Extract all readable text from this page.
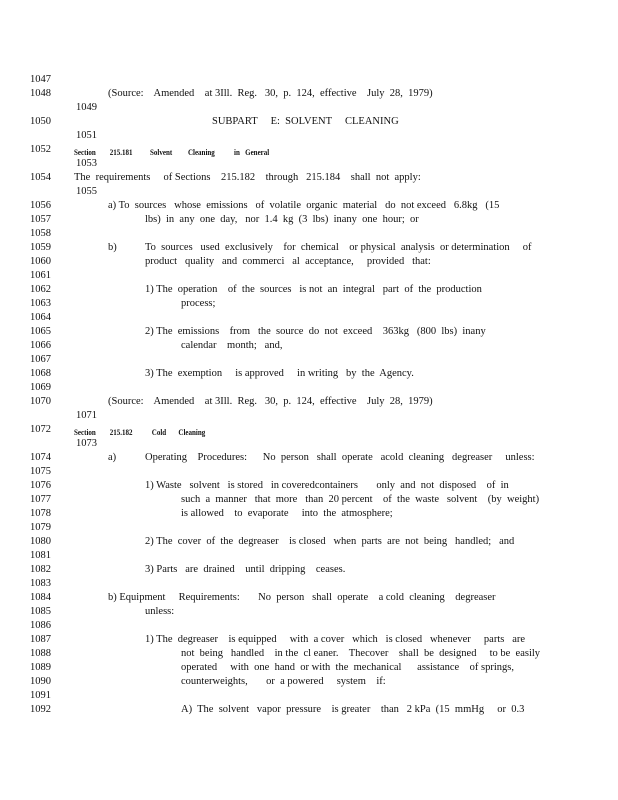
1047
1048
1050
1052
1054
1056
1057
1058
1059
1060
1061
1062
1063
1064
1065
1066
1067
1068
1069
1070
1072
1074
1075
1076
1077
1078
1079
1080
1081
1082
1083
1084
1085
1086
1087
1088
1089
1090
1091
1092
1049
1051
1053
1055
1071
1073
(Source:    Amended    at 3Ill.  Reg.   30,  p.  124,  effective    July  28,  1979)
SUBPART     E:  SOLVENT     CLEANING
Section        215.181          Solvent         Cleaning           in   General
The  requirements     of Sections    215.182    through   215.184    shall  not  apply:
a) To  sources   whose  emissions   of  volatile  organic  material   do  not exceed   6.8kg   (15
lbs)  in  any  one  day,   nor  1.4  kg  (3  lbs)  inany  one  hour;  or
b)	To  sources   used  exclusively    for  chemical    or physical  analysis  or determination     of
product   quality   and  commerci   al  acceptance,     provided   that:
1) The  operation    of  the  sources   is not  an  integral   part  of  the  production
process;
2) The  emissions    from   the  source  do  not  exceed    363kg   (800  lbs)  inany
calendar    month;   and,
3) The  exemption     is approved     in writing   by  the  Agency.
(Source:    Amended    at 3Ill.  Reg.   30,  p.  124,  effective    July  28,  1979)
Section        215.182           Cold       Cleaning
a)	Operating    Procedures:      No  person   shall  operate   acold  cleaning   degreaser     unless:
1) Waste   solvent   is stored   in coveredcontainers       only  and  not  disposed    of  in
such  a  manner   that  more   than  20 percent    of  the  waste   solvent    (by  weight)
is allowed    to  evaporate     into  the  atmosphere;
2) The  cover  of  the  degreaser    is closed   when  parts  are  not  being   handled;   and
3) Parts   are  drained    until  dripping    ceases.
b) Equipment     Requirements:       No  person   shall  operate    a cold  cleaning    degreaser
unless:
1) The  degreaser    is equipped     with  a cover   which   is closed   whenever     parts   are
not  being   handled    in the  cl eaner.    Thecover    shall  be  designed     to be  easily
operated     with  one  hand  or with  the  mechanical      assistance    of springs,
counterweights,       or  a powered     system    if:
A)  The  solvent   vapor  pressure    is greater    than   2 kPa  (15  mmHg     or  0.3
